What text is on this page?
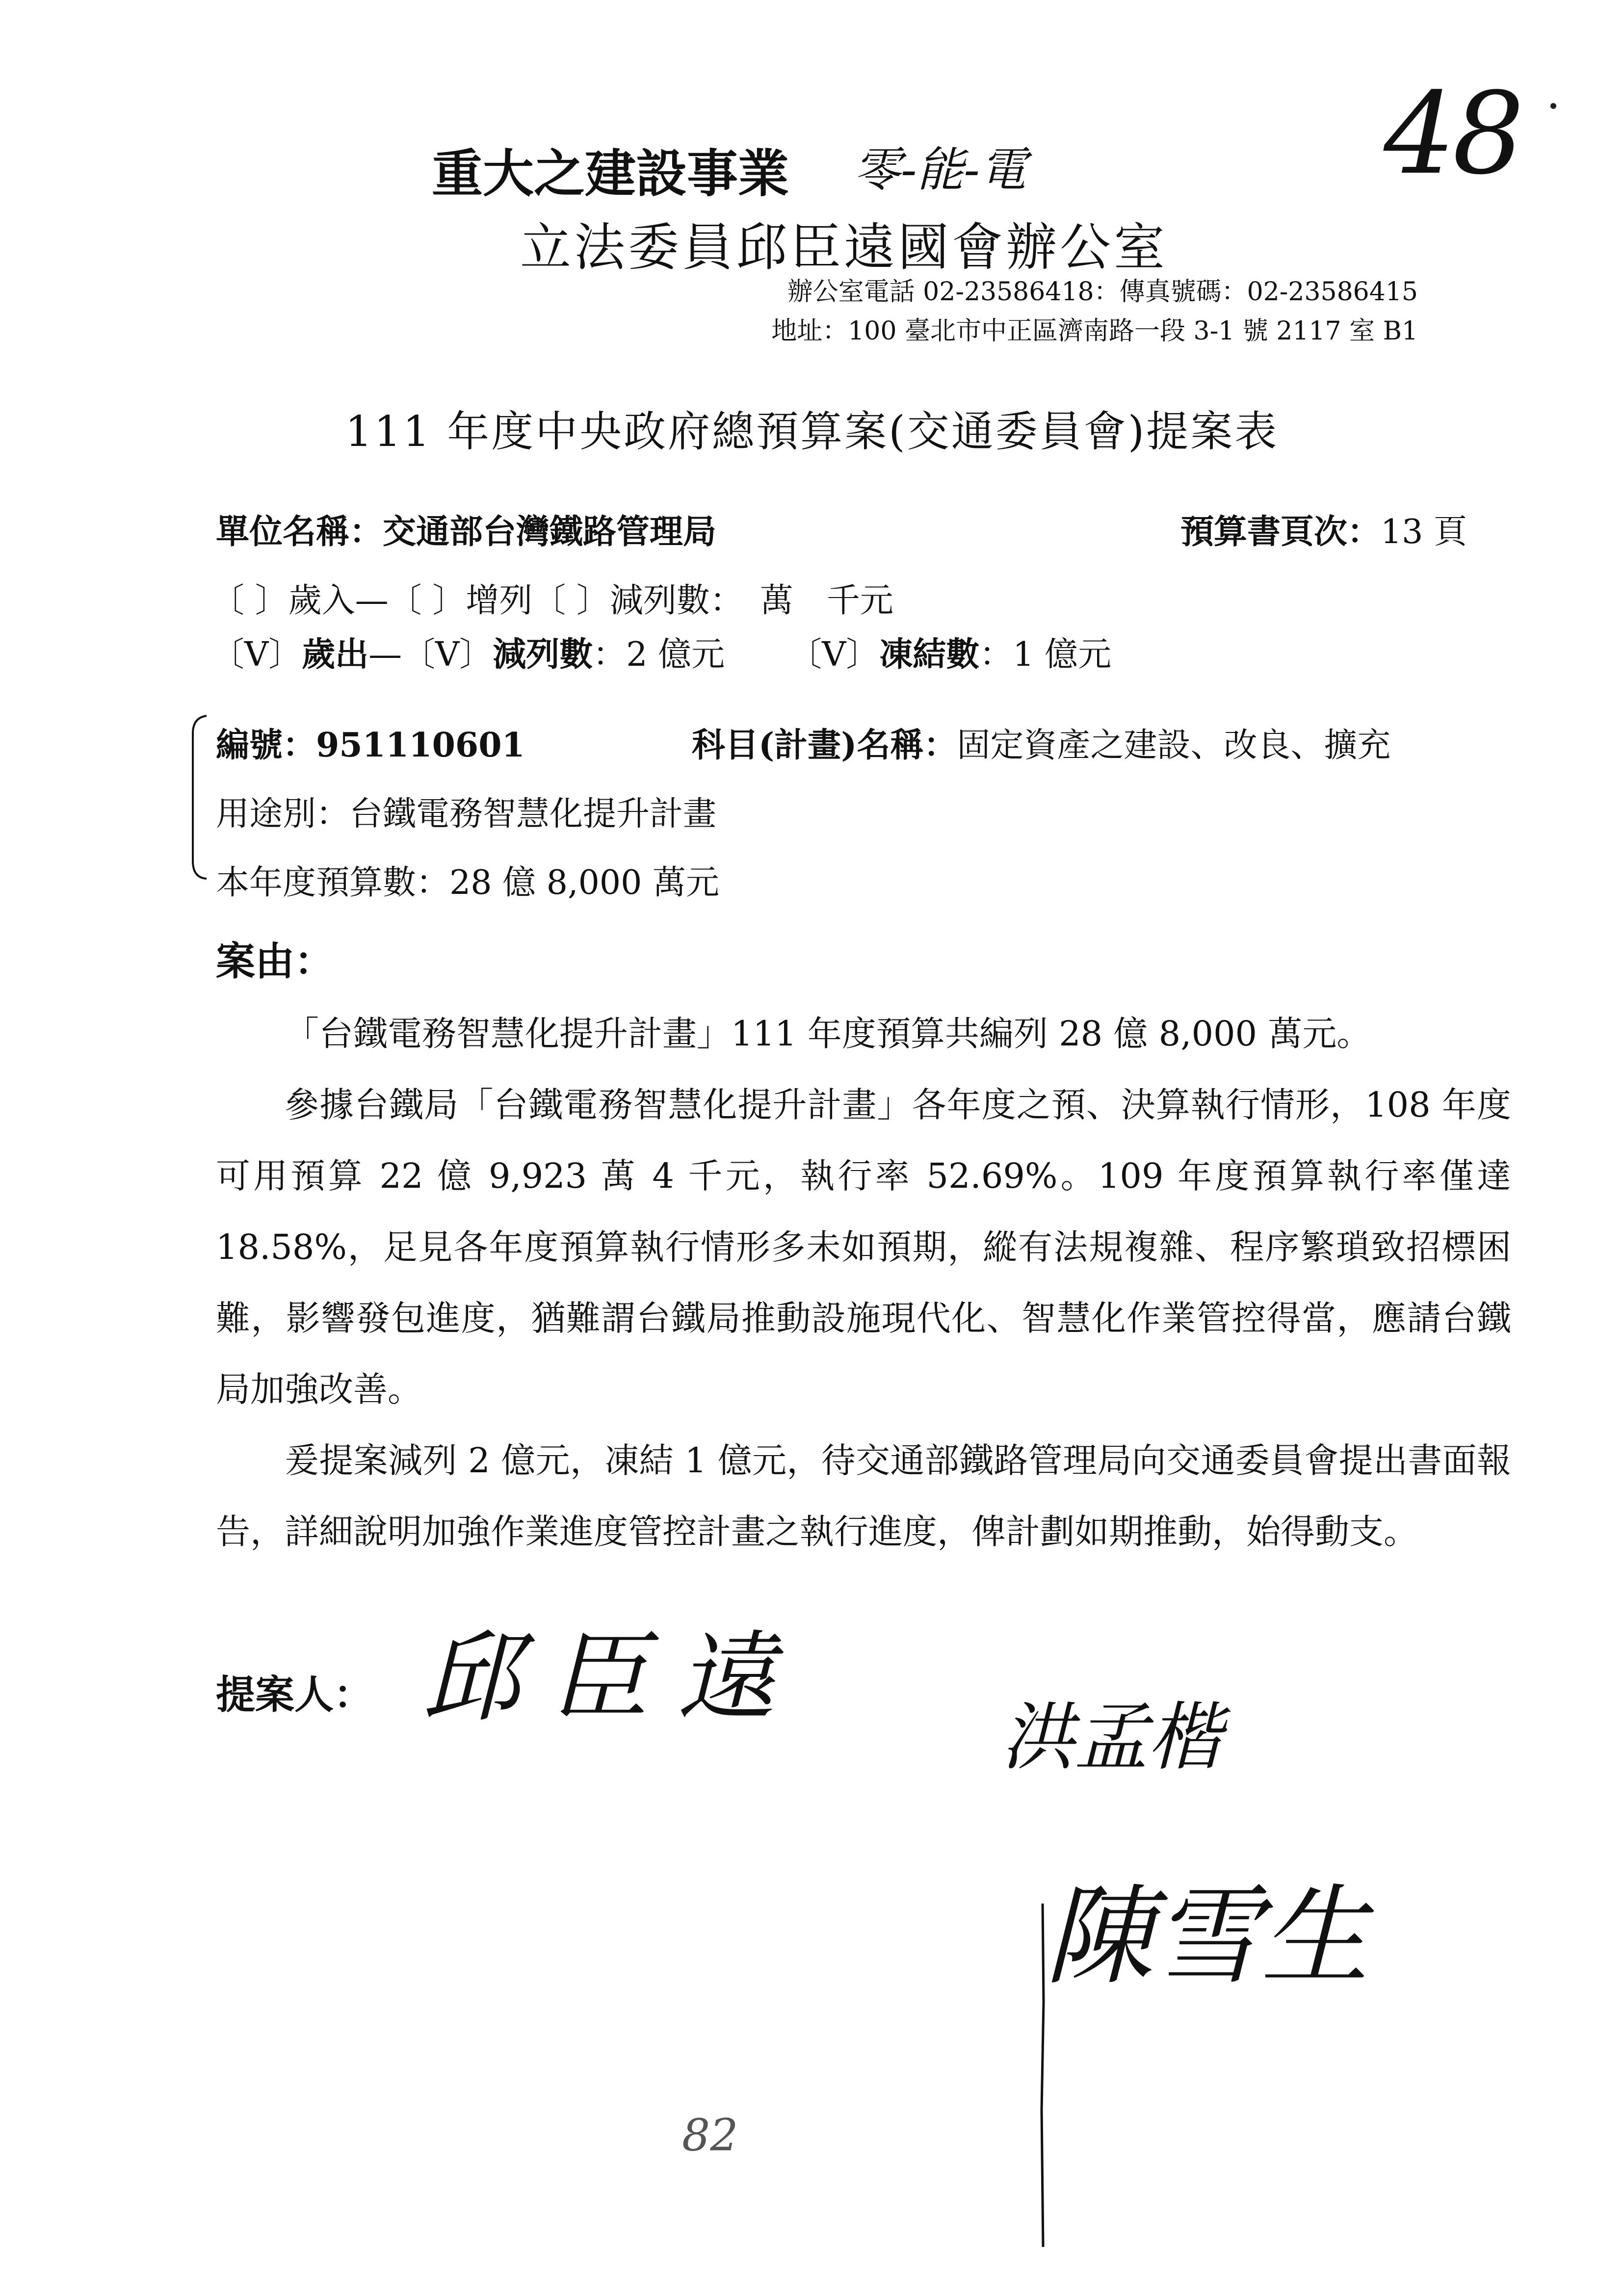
重大之建設事業 零-能-電	48
立法委員邱臣遠國會辦公室
辦公室電話 02-23586418：傳真號碼：02-23586415
地址：100 臺北市中正區濟南路一段 3-1 號 2117 室 B1
111 年度中央政府總預算案(交通委員會)提案表
單位名稱：交通部台灣鐵路管理局	預算書頁次：13 頁
〔 〕歲入—〔 〕增列〔 〕減列數：　萬　千元
〔V〕歲出—〔V〕減列數：2 億元 〔V〕凍結數：1 億元
編號：951110601	科目(計畫)名稱：固定資產之建設、改良、擴充
用途別：台鐵電務智慧化提升計畫
本年度預算數：28 億 8,000 萬元
案由：

「台鐵電務智慧化提升計畫」111 年度預算共編列 28 億 8,000 萬元。

參據台鐵局「台鐵電務智慧化提升計畫」各年度之預、決算執行情形，108 年度可用預算 22 億 9,923 萬 4 千元，執行率 52.69%。109 年度預算執行率僅達 18.58%，足見各年度預算執行情形多未如預期，縱有法規複雜、程序繁瑣致招標困難，影響發包進度，猶難謂台鐵局推動設施現代化、智慧化作業管控得當，應請台鐵局加強改善。

爰提案減列 2 億元，凍結 1 億元，待交通部鐵路管理局向交通委員會提出書面報告，詳細說明加強作業進度管控計畫之執行進度，俾計劃如期推動，始得動支。

提案人： 邱臣遠
洪孟楷
陳雪生
82
